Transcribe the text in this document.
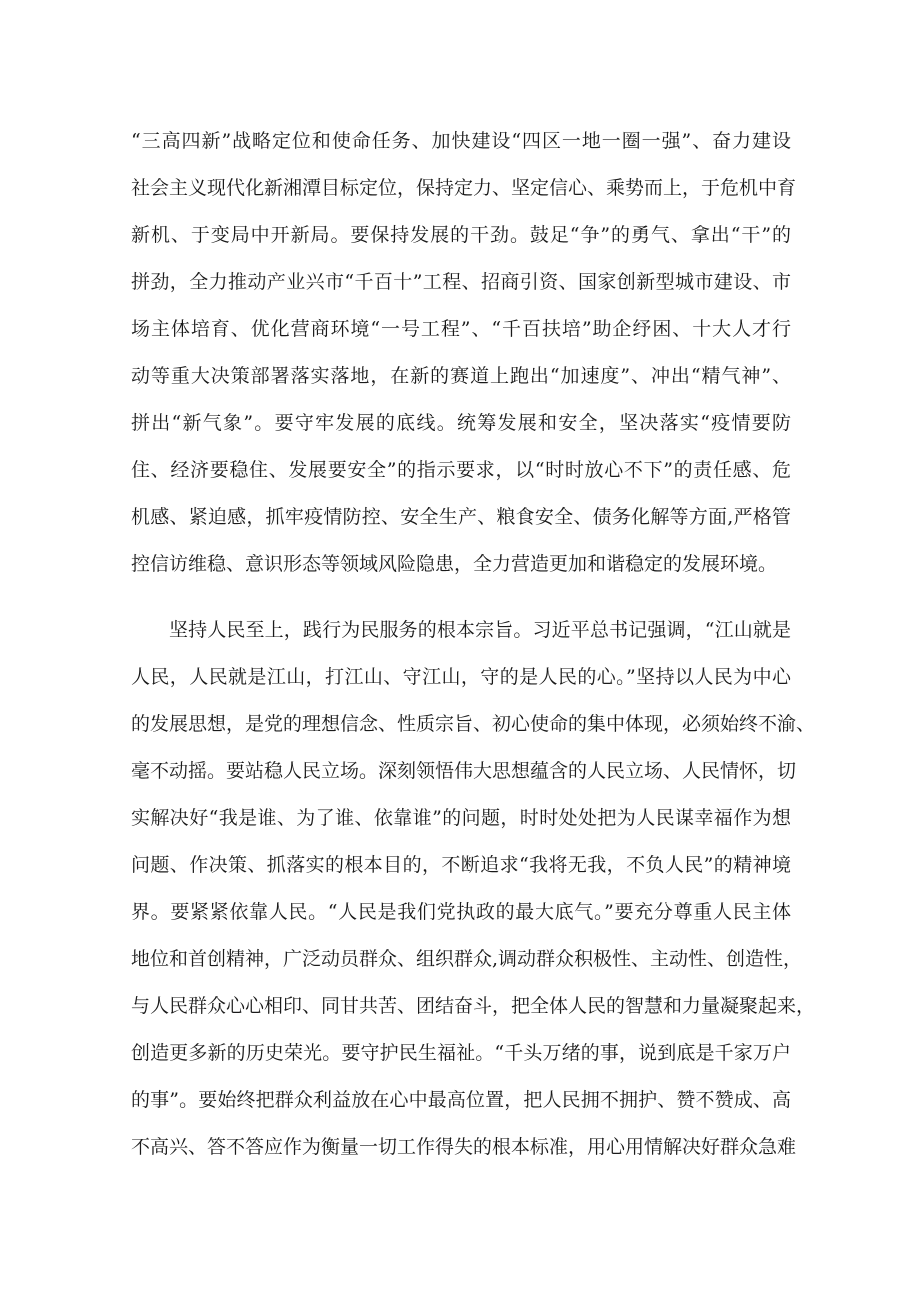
“三高四新”战略定位和使命任务、加快建设“四区一地一圈一强”、奋力建设
社会主义现代化新湘潭目标定位，保持定力、坚定信心、乘势而上，于危机中育
新机、于变局中开新局。要保持发展的干劲。鼓足“争”的勇气、拿出“干”的
拼劲，全力推动产业兴市“千百十”工程、招商引资、国家创新型城市建设、市
场主体培育、优化营商环境“一号工程”、“千百扶培”助企纾困、十大人才行
动等重大决策部署落实落地，在新的赛道上跑出“加速度”、冲出“精气神”、
拼出“新气象”。要守牢发展的底线。统筹发展和安全，坚决落实“疫情要防
住、经济要稳住、发展要安全”的指示要求，以“时时放心不下”的责任感、危
机感、紧迫感，抓牢疫情防控、安全生产、粮食安全、债务化解等方面,严格管
控信访维稳、意识形态等领域风险隐患，全力营造更加和谐稳定的发展环境。
坚持人民至上，践行为民服务的根本宗旨。习近平总书记强调，“江山就是
人民，人民就是江山，打江山、守江山，守的是人民的心。”坚持以人民为中心
的发展思想，是党的理想信念、性质宗旨、初心使命的集中体现，必须始终不渝、
毫不动摇。要站稳人民立场。深刻领悟伟大思想蕴含的人民立场、人民情怀，切
实解决好“我是谁、为了谁、依靠谁”的问题，时时处处把为人民谋幸福作为想
问题、作决策、抓落实的根本目的，不断追求“我将无我，不负人民”的精神境
界。要紧紧依靠人民。“人民是我们党执政的最大底气。”要充分尊重人民主体
地位和首创精神，广泛动员群众、组织群众,调动群众积极性、主动性、创造性，
与人民群众心心相印、同甘共苦、团结奋斗，把全体人民的智慧和力量凝聚起来，
创造更多新的历史荣光。要守护民生福祉。“千头万绪的事，说到底是千家万户
的事”。要始终把群众利益放在心中最高位置，把人民拥不拥护、赞不赞成、高
不高兴、答不答应作为衡量一切工作得失的根本标准，用心用情解决好群众急难
